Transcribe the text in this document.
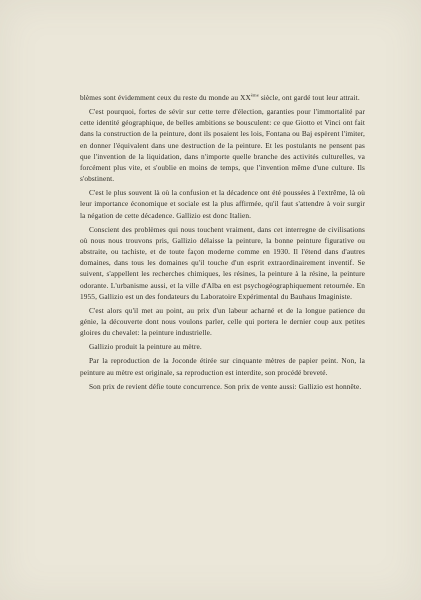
blèmes sont évidemment ceux du reste du monde au XXème siècle, ont gardé tout leur attrait.

C'est pourquoi, fortes de sévir sur cette terre d'élection, garanties pour l'immortalité par cette identité géographique, de belles ambitions se bousculent: ce que Giotto et Vinci ont fait dans la construction de la peinture, dont ils posaient les lois, Fontana ou Baj espèrent l'imiter, en donner l'équivalent dans une destruction de la peinture. Et les postulants ne pensent pas que l'invention de la liquidation, dans n'importe quelle branche des activités culturelles, va forcément plus vite, et s'oublie en moins de temps, que l'invention même d'une culture. Ils s'obstinent.

C'est le plus souvent là où la confusion et la décadence ont été poussées à l'extrême, là où leur importance économique et sociale est la plus affirmée, qu'il faut s'attendre à voir surgir la négation de cette décadence. Gallizio est donc Italien.

Conscient des problèmes qui nous touchent vraiment, dans cet interregne de civilisations où nous nous trouvons pris, Gallizio délaisse la peinture, la bonne peinture figurative ou abstraite, ou tachiste, et de toute façon moderne comme en 1930. Il l'étend dans d'autres domaines, dans tous les domaines qu'il touche d'un esprit extraordinairement inventif. Se suivent, s'appellent les recherches chimiques, les résines, la peinture à la résine, la peinture odorante. L'urbanisme aussi, et la ville d'Alba en est psychogéographiquement retournée. En 1955, Gallizio est un des fondateurs du Laboratoire Expérimental du Bauhaus Imaginiste.

C'est alors qu'il met au point, au prix d'un labeur acharné et de la longue patience du génie, la découverte dont nous voulons parler, celle qui portera le dernier coup aux petites gloires du chevalet: la peinture industrielle.

Gallizio produit la peinture au mètre.

Par la reproduction de la Joconde étirée sur cinquante mètres de papier peint. Non, la peinture au mètre est originale, sa reproduction est interdite, son procédé breveté.

Son prix de revient défie toute concurrence. Son prix de vente aussi: Gallizio est honnête.
